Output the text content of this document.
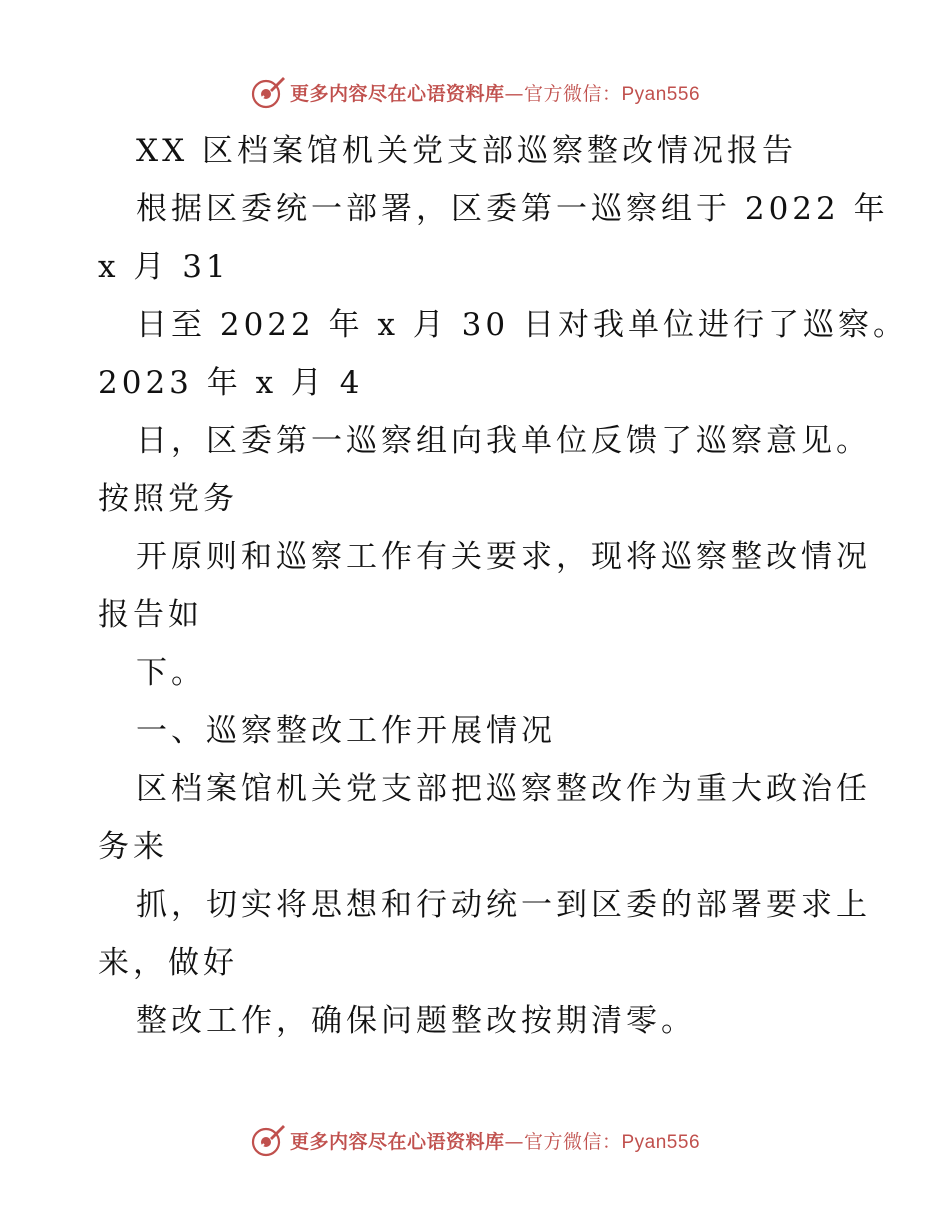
更多内容尽在心语资料库—官方微信：Pyan556
XX 区档案馆机关党支部巡察整改情况报告
根据区委统一部署，区委第一巡察组于 2022 年
x 月 31
日至 2022 年 x 月 30 日对我单位进行了巡察。
2023 年 x 月 4
日，区委第一巡察组向我单位反馈了巡察意见。
按照党务
开原则和巡察工作有关要求，现将巡察整改情况
报告如
下。
一、巡察整改工作开展情况
区档案馆机关党支部把巡察整改作为重大政治任
务来
抓，切实将思想和行动统一到区委的部署要求上
来，做好
整改工作，确保问题整改按期清零。
更多内容尽在心语资料库—官方微信：Pyan556
